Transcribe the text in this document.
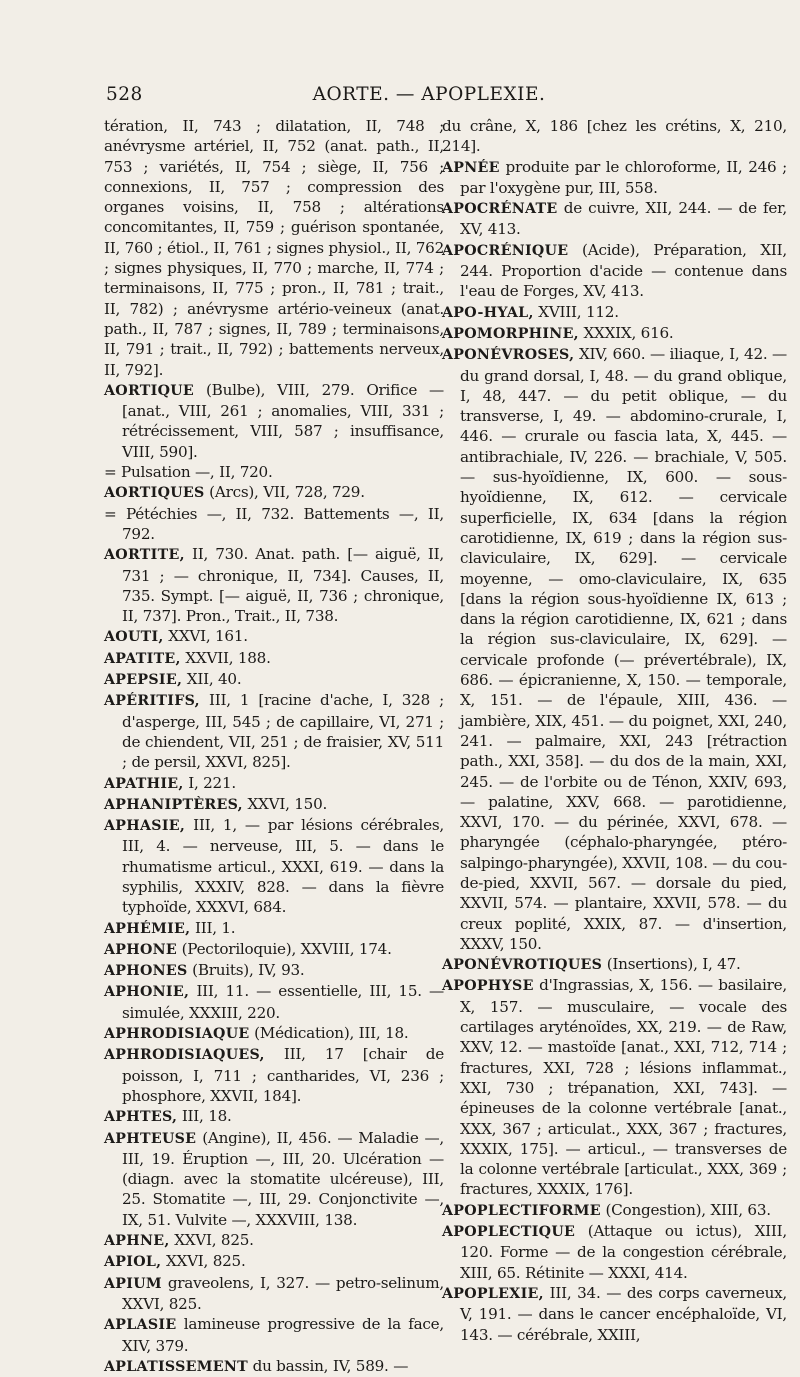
528	AORTE. — APOPLEXIE.

tération, II, 743 ; dilatation, II, 748 ; anévrysme artériel, II, 752 (anat. path., II, 753 ; variétés, II, 754 ; siège, II, 756 ; connexions, II, 757 ; compression des organes voisins, II, 758 ; altérations concomitantes, II, 759 ; guérison spontanée, II, 760 ; étiol., II, 761 ; signes physiol., II, 762 ; signes physiques, II, 770 ; marche, II, 774 ; terminaisons, II, 775 ; pron., II, 781 ; trait., II, 782) ; anévrysme artério-veineux (anat. path., II, 787 ; signes, II, 789 ; terminaisons, II, 791 ; trait., II, 792) ; battements nerveux, II, 792].

AORTIQUE (Bulbe), VIII, 279. Orifice — [anat., VIII, 261 ; anomalies, VIII, 331 ; rétrécissement, VIII, 587 ; insuffisance, VIII, 590].

= Pulsation —, II, 720.

AORTIQUES (Arcs), VII, 728, 729.

= Pétéchies —, II, 732. Battements —, II, 792.

AORTITE, II, 730. Anat. path. [— aiguë, II, 731 ; — chronique, II, 734]. Causes, II, 735. Sympt. [— aiguë, II, 736 ; chronique, II, 737]. Pron., Trait., II, 738.

AOUTI, XXVI, 161.

APATITE, XXVII, 188.

APEPSIE, XII, 40.

APÉRITIFS, III, 1 [racine d'ache, I, 328 ; d'asperge, III, 545 ; de capillaire, VI, 271 ; de chiendent, VII, 251 ; de fraisier, XV, 511 ; de persil, XXVI, 825].

APATHIE, I, 221.

APHANIPTÈRES, XXVI, 150.

APHASIE, III, 1, — par lésions cérébrales, III, 4. — nerveuse, III, 5. — dans le rhumatisme articul., XXXI, 619. — dans la syphilis, XXXIV, 828. — dans la fièvre typhoïde, XXXVI, 684.

APHÉMIE, III, 1.

APHONE (Pectoriloquie), XXVIII, 174.

APHONES (Bruits), IV, 93.

APHONIE, III, 11. — essentielle, III, 15. — simulée, XXXIII, 220.

APHRODISIAQUE (Médication), III, 18.

APHRODISIAQUES, III, 17 [chair de poisson, I, 711 ; cantharides, VI, 236 ; phosphore, XXVII, 184].

APHTES, III, 18.

APHTEUSE (Angine), II, 456. — Maladie —, III, 19. Éruption —, III, 20. Ulcération — (diagn. avec la stomatite ulcéreuse), III, 25. Stomatite —, III, 29. Conjonctivite —, IX, 51. Vulvite —, XXXVIII, 138.

APHNE, XXVI, 825.

APIOL, XXVI, 825.

APIUM graveolens, I, 327. — petro-selinum, XXVI, 825.

APLASIE lamineuse progressive de la face, XIV, 379.

APLATISSEMENT du bassin, IV, 589. —

du crâne, X, 186 [chez les crétins, X, 210, 214].

APNÉE produite par le chloroforme, II, 246 ; par l'oxygène pur, III, 558.

APOCRÉNATE de cuivre, XII, 244. — de fer, XV, 413.

APOCRÉNIQUE (Acide), Préparation, XII, 244. Proportion d'acide — contenue dans l'eau de Forges, XV, 413.

APO-HYAL, XVIII, 112.

APOMORPHINE, XXXIX, 616.

APONÉVROSES, XIV, 660. — iliaque, I, 42. — du grand dorsal, I, 48. — du grand oblique, I, 48, 447. — du petit oblique, — du transverse, I, 49. — abdomino-crurale, I, 446. — crurale ou fascia lata, X, 445. — antibrachiale, IV, 226. — brachiale, V, 505. — sus-hyoïdienne, IX, 600. — sous-hyoïdienne, IX, 612. — cervicale superficielle, IX, 634 [dans la région carotidienne, IX, 619 ; dans la région sus-claviculaire, IX, 629]. — cervicale moyenne, — omo-claviculaire, IX, 635 [dans la région sous-hyoïdienne IX, 613 ; dans la région carotidienne, IX, 621 ; dans la région sus-claviculaire, IX, 629]. — cervicale profonde (— prévertébrale), IX, 686. — épicranienne, X, 150. — temporale, X, 151. — de l'épaule, XIII, 436. — jambière, XIX, 451. — du poignet, XXI, 240, 241. — palmaire, XXI, 243 [rétraction path., XXI, 358]. — du dos de la main, XXI, 245. — de l'orbite ou de Ténon, XXIV, 693, — palatine, XXV, 668. — parotidienne, XXVI, 170. — du périnée, XXVI, 678. — pharyngée (céphalo-pharyngée, ptéro-salpingo-pharyngée), XXVII, 108. — du cou-de-pied, XXVII, 567. — dorsale du pied, XXVII, 574. — plantaire, XXVII, 578. — du creux poplité, XXIX, 87. — d'insertion, XXXV, 150.

APONÉVROTIQUES (Insertions), I, 47.

APOPHYSE d'Ingrassias, X, 156. — basilaire, X, 157. — musculaire, — vocale des cartilages aryténoïdes, XX, 219. — de Raw, XXV, 12. — mastoïde [anat., XXI, 712, 714 ; fractures, XXI, 728 ; lésions inflammat., XXI, 730 ; trépanation, XXI, 743]. — épineuses de la colonne vertébrale [anat., XXX, 367 ; articulat., XXX, 367 ; fractures, XXXIX, 175]. — articul., — transverses de la colonne vertébrale [articulat., XXX, 369 ; fractures, XXXIX, 176].

APOPLECTIFORME (Congestion), XIII, 63.

APOPLECTIQUE (Attaque ou ictus), XIII, 120. Forme — de la congestion cérébrale, XIII, 65. Rétinite — XXXI, 414.

APOPLEXIE, III, 34. — des corps caverneux, V, 191. — dans le cancer encéphaloïde, VI, 143. — cérébrale, XXIII,
